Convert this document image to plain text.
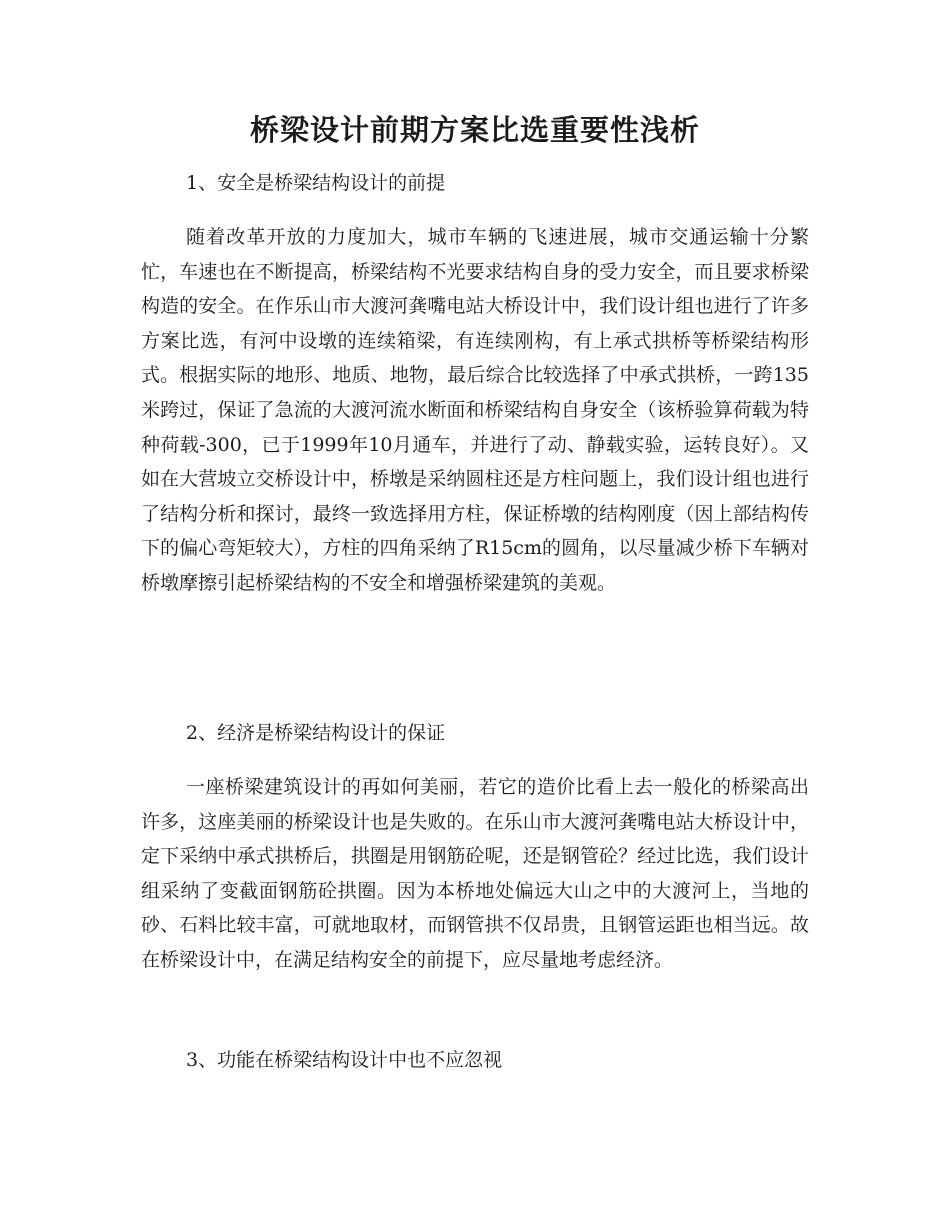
桥梁设计前期方案比选重要性浅析

1、安全是桥梁结构设计的前提

随着改革开放的力度加大，城市车辆的飞速进展，城市交通运输十分繁忙，车速也在不断提高，桥梁结构不光要求结构自身的受力安全，而且要求桥梁构造的安全。在作乐山市大渡河龚嘴电站大桥设计中，我们设计组也进行了许多方案比选，有河中设墩的连续箱梁，有连续刚构，有上承式拱桥等桥梁结构形式。根据实际的地形、地质、地物，最后综合比较选择了中承式拱桥，一跨135米跨过，保证了急流的大渡河流水断面和桥梁结构自身安全（该桥验算荷载为特种荷载-300，已于1999年10月通车，并进行了动、静载实验，运转良好）。又如在大营坡立交桥设计中，桥墩是采纳圆柱还是方柱问题上，我们设计组也进行了结构分析和探讨，最终一致选择用方柱，保证桥墩的结构刚度（因上部结构传下的偏心弯矩较大），方柱的四角采纳了R15cm的圆角，以尽量减少桥下车辆对桥墩摩擦引起桥梁结构的不安全和增强桥梁建筑的美观。

2、经济是桥梁结构设计的保证

一座桥梁建筑设计的再如何美丽，若它的造价比看上去一般化的桥梁高出许多，这座美丽的桥梁设计也是失败的。在乐山市大渡河龚嘴电站大桥设计中，定下采纳中承式拱桥后，拱圈是用钢筋砼呢，还是钢管砼？经过比选，我们设计组采纳了变截面钢筋砼拱圈。因为本桥地处偏远大山之中的大渡河上，当地的砂、石料比较丰富，可就地取材，而钢管拱不仅昂贵，且钢管运距也相当远。故在桥梁设计中，在满足结构安全的前提下，应尽量地考虑经济。

3、功能在桥梁结构设计中也不应忽视
